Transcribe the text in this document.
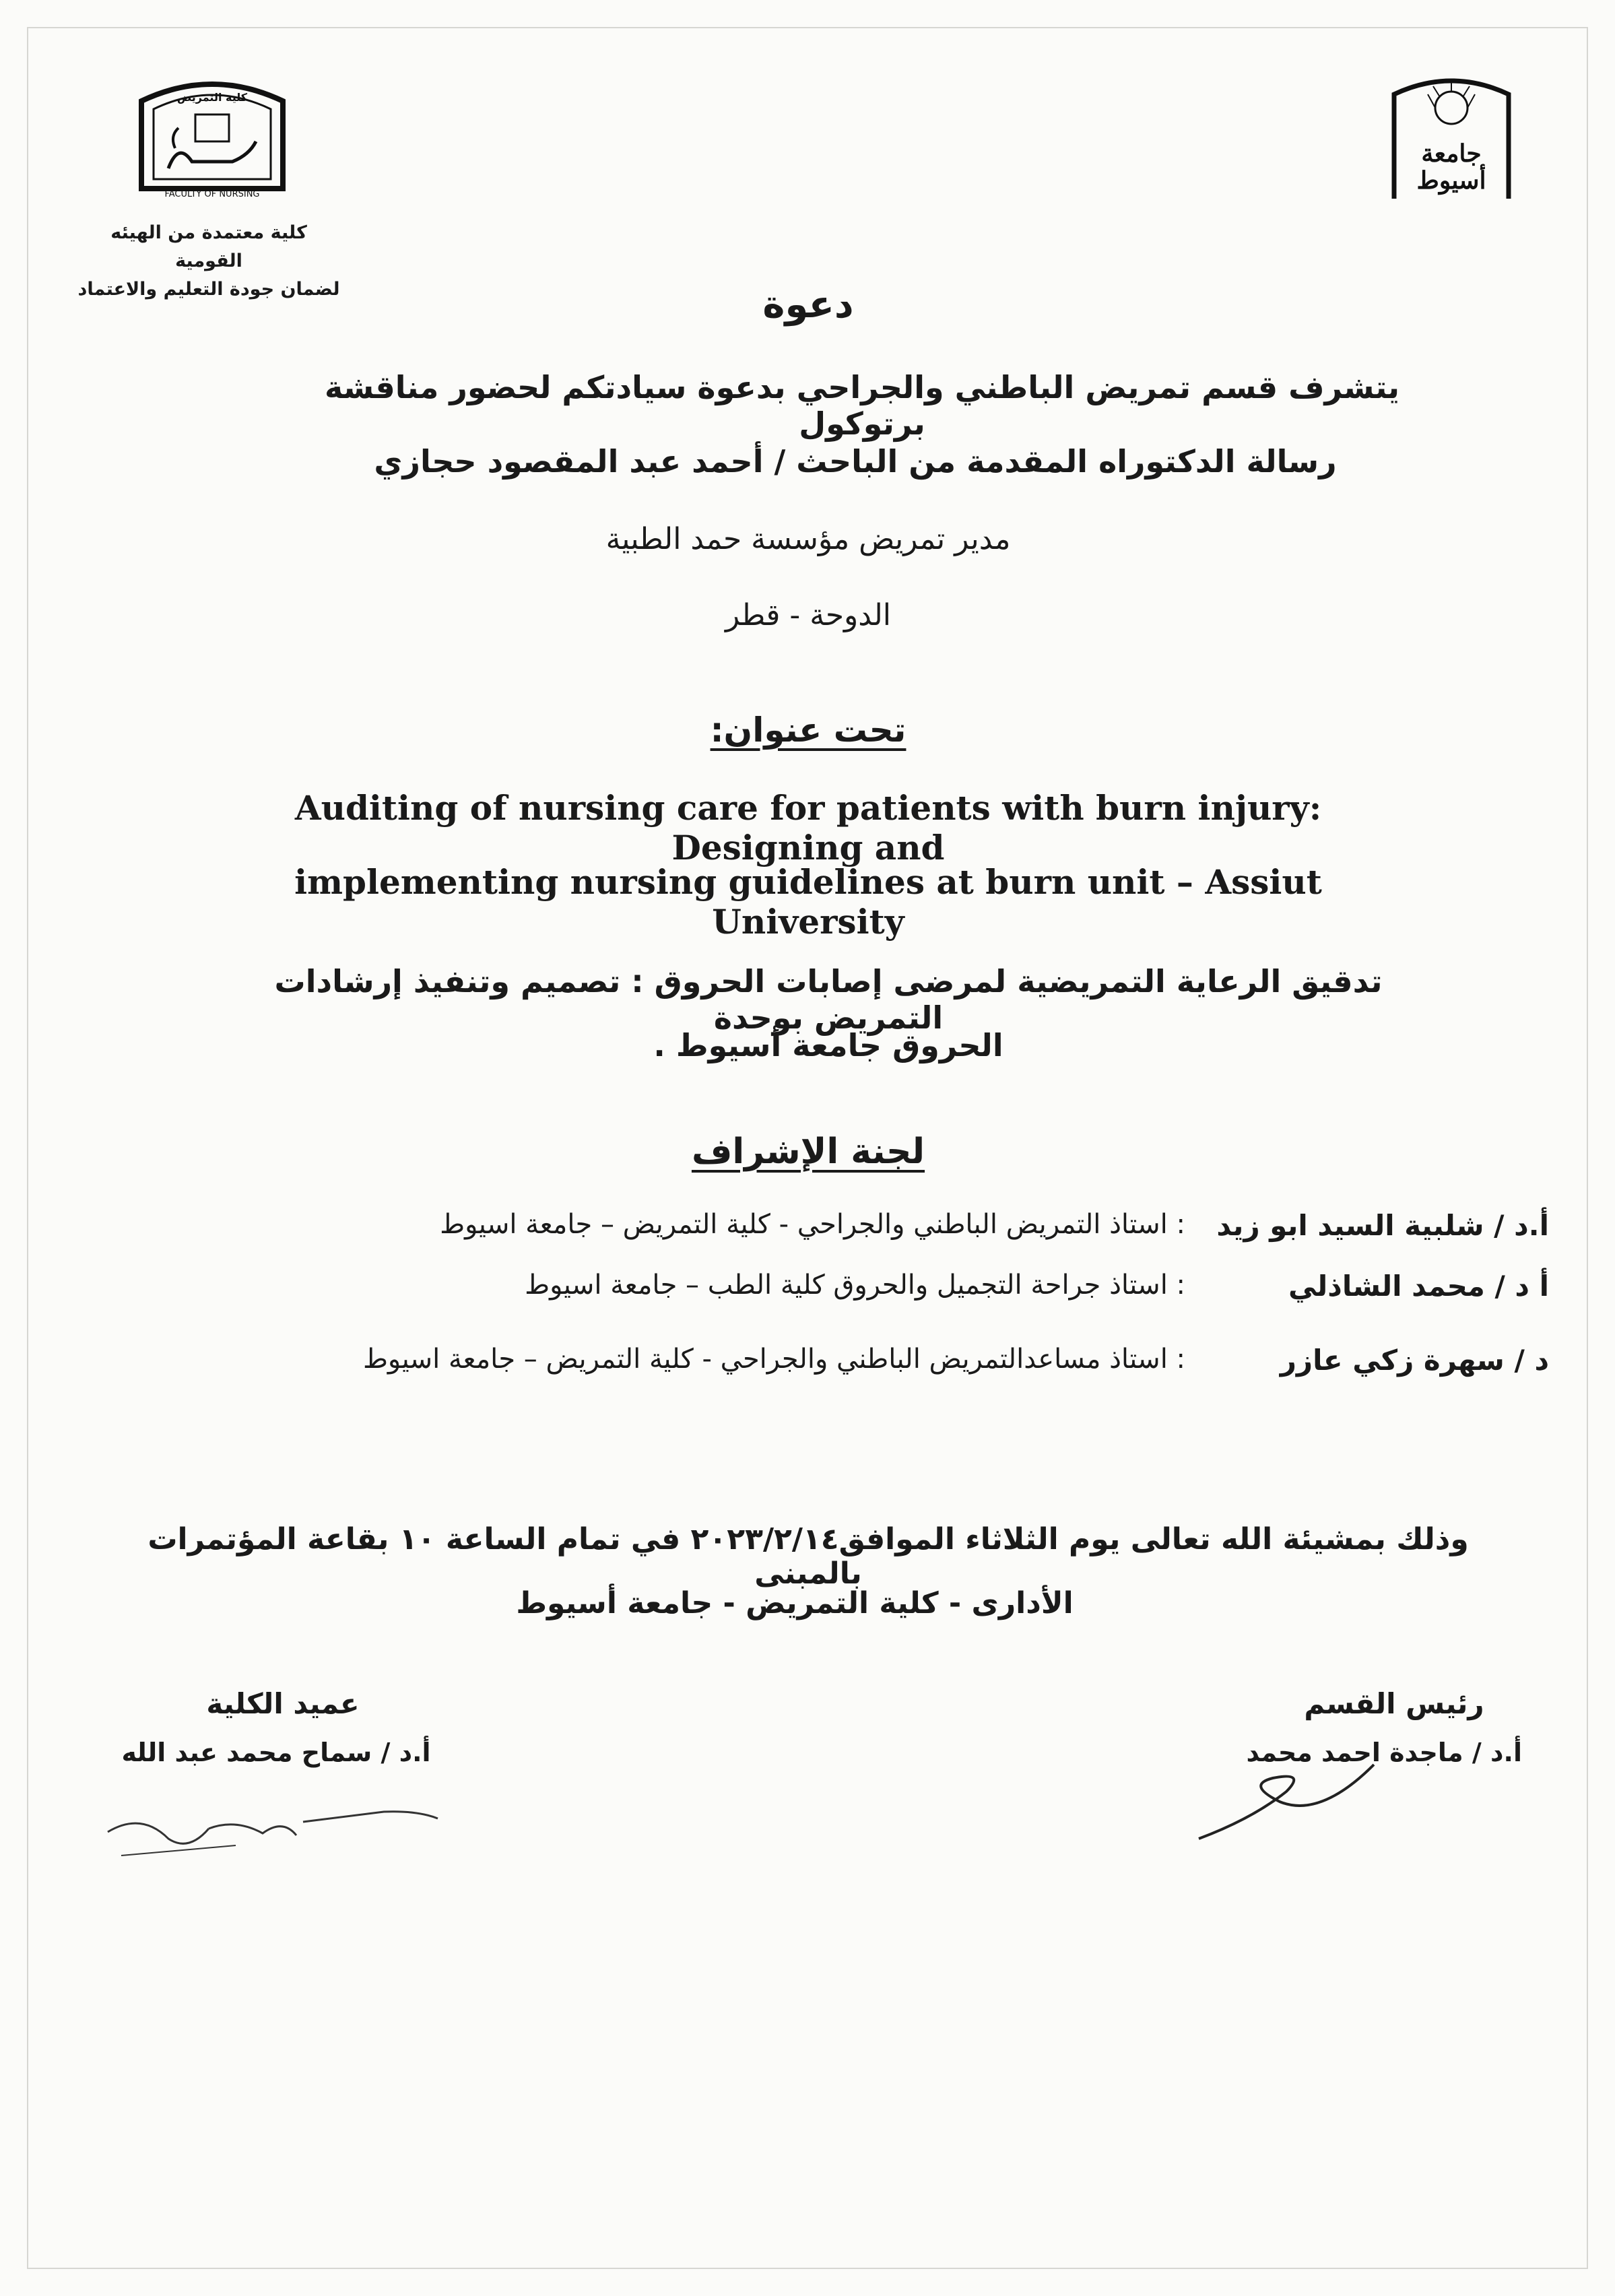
كلية التمريض
FACULTY OF NURSING
كلية معتمدة من الهيئه القومية
لضمان جودة التعليم والاعتماد
جامعة
أسيوط
دعوة
يتشرف قسم تمريض الباطني والجراحي بدعوة سيادتكم لحضور مناقشة برتوكول
رسالة الدكتوراه المقدمة من الباحث / أحمد عبد المقصود حجازي
مدير تمريض مؤسسة حمد الطبية
الدوحة - قطر
تحت عنوان:
Auditing of nursing care for patients with burn injury: Designing and
implementing nursing guidelines at burn unit – Assiut University
تدقيق الرعاية التمريضية لمرضى إصابات الحروق : تصميم وتنفيذ إرشادات التمريض بوحدة
الحروق جامعة أسيوط .
لجنة الإشراف
أ.د / شلبية السيد ابو زيد
: استاذ التمريض الباطني والجراحي - كلية التمريض – جامعة اسيوط
أ د / محمد الشاذلي
: استاذ جراحة التجميل والحروق كلية الطب – جامعة اسيوط
د / سهرة زكي عازر
: استاذ مساعدالتمريض الباطني والجراحي - كلية التمريض – جامعة اسيوط
وذلك بمشيئة الله تعالى يوم الثلاثاء الموافق٢٠٢٣/٢/١٤ في تمام الساعة ١٠ بقاعة المؤتمرات بالمبنى
الأدارى - كلية التمريض - جامعة أسيوط
رئيس القسم
أ.د / ماجدة احمد محمد
عميد الكلية
أ.د / سماح محمد عبد الله
